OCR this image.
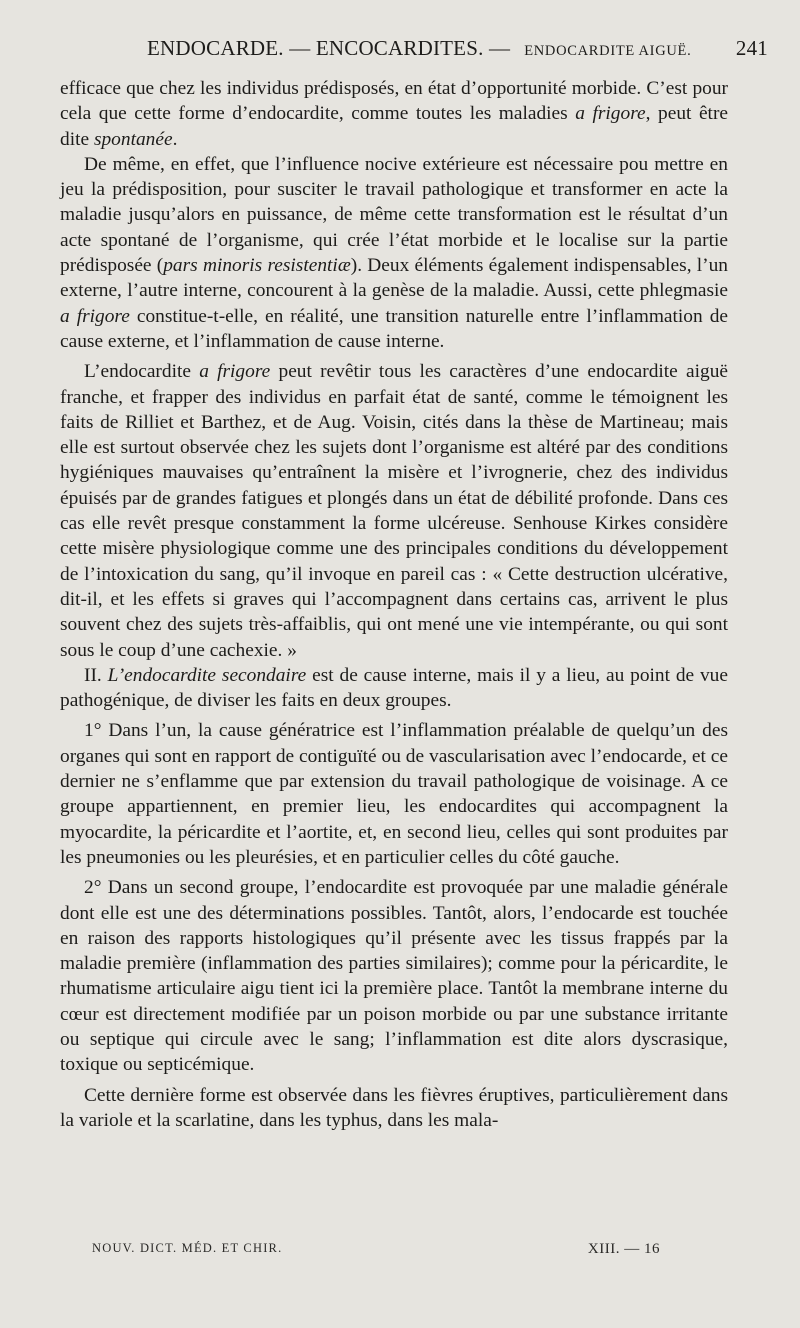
ENDOCARDE. — ENCOCARDITES. — ENDOCARDITE AIGUË. 241

efficace que chez les individus prédisposés, en état d’opportunité morbide. C’est pour cela que cette forme d’endocardite, comme toutes les maladies a frigore, peut être dite spontanée.

De même, en effet, que l’influence nocive extérieure est nécessaire pou mettre en jeu la prédisposition, pour susciter le travail pathologique et transformer en acte la maladie jusqu’alors en puissance, de même cette transformation est le résultat d’un acte spontané de l’organisme, qui crée l’état morbide et le localise sur la partie prédisposée (pars minoris resistentiæ). Deux éléments également indispensables, l’un externe, l’autre interne, concourent à la genèse de la maladie. Aussi, cette phlegmasie a frigore constitue-t-elle, en réalité, une transition naturelle entre l’inflammation de cause externe, et l’inflammation de cause interne.

L’endocardite a frigore peut revêtir tous les caractères d’une endocardite aiguë franche, et frapper des individus en parfait état de santé, comme le témoignent les faits de Rilliet et Barthez, et de Aug. Voisin, cités dans la thèse de Martineau; mais elle est surtout observée chez les sujets dont l’organisme est altéré par des conditions hygiéniques mauvaises qu’entraînent la misère et l’ivrognerie, chez des individus épuisés par de grandes fatigues et plongés dans un état de débilité profonde. Dans ces cas elle revêt presque constamment la forme ulcéreuse. Senhouse Kirkes considère cette misère physiologique comme une des principales conditions du développement de l’intoxication du sang, qu’il invoque en pareil cas : « Cette destruction ulcérative, dit-il, et les effets si graves qui l’accompagnent dans certains cas, arrivent le plus souvent chez des sujets très-affaiblis, qui ont mené une vie intempérante, ou qui sont sous le coup d’une cachexie. »

II. L’endocardite secondaire est de cause interne, mais il y a lieu, au point de vue pathogénique, de diviser les faits en deux groupes.

1° Dans l’un, la cause génératrice est l’inflammation préalable de quelqu’un des organes qui sont en rapport de contiguïté ou de vascularisation avec l’endocarde, et ce dernier ne s’enflamme que par extension du travail pathologique de voisinage. A ce groupe appartiennent, en premier lieu, les endocardites qui accompagnent la myocardite, la péricardite et l’aortite, et, en second lieu, celles qui sont produites par les pneumonies ou les pleurésies, et en particulier celles du côté gauche.

2° Dans un second groupe, l’endocardite est provoquée par une maladie générale dont elle est une des déterminations possibles. Tantôt, alors, l’endocarde est touchée en raison des rapports histologiques qu’il présente avec les tissus frappés par la maladie première (inflammation des parties similaires); comme pour la péricardite, le rhumatisme articulaire aigu tient ici la première place. Tantôt la membrane interne du cœur est directement modifiée par un poison morbide ou par une substance irritante ou septique qui circule avec le sang; l’inflammation est dite alors dyscrasique, toxique ou septicémique.

Cette dernière forme est observée dans les fièvres éruptives, particulièrement dans la variole et la scarlatine, dans les typhus, dans les mala-

NOUV. DICT. MÉD. ET CHIR.	XIII. — 16
